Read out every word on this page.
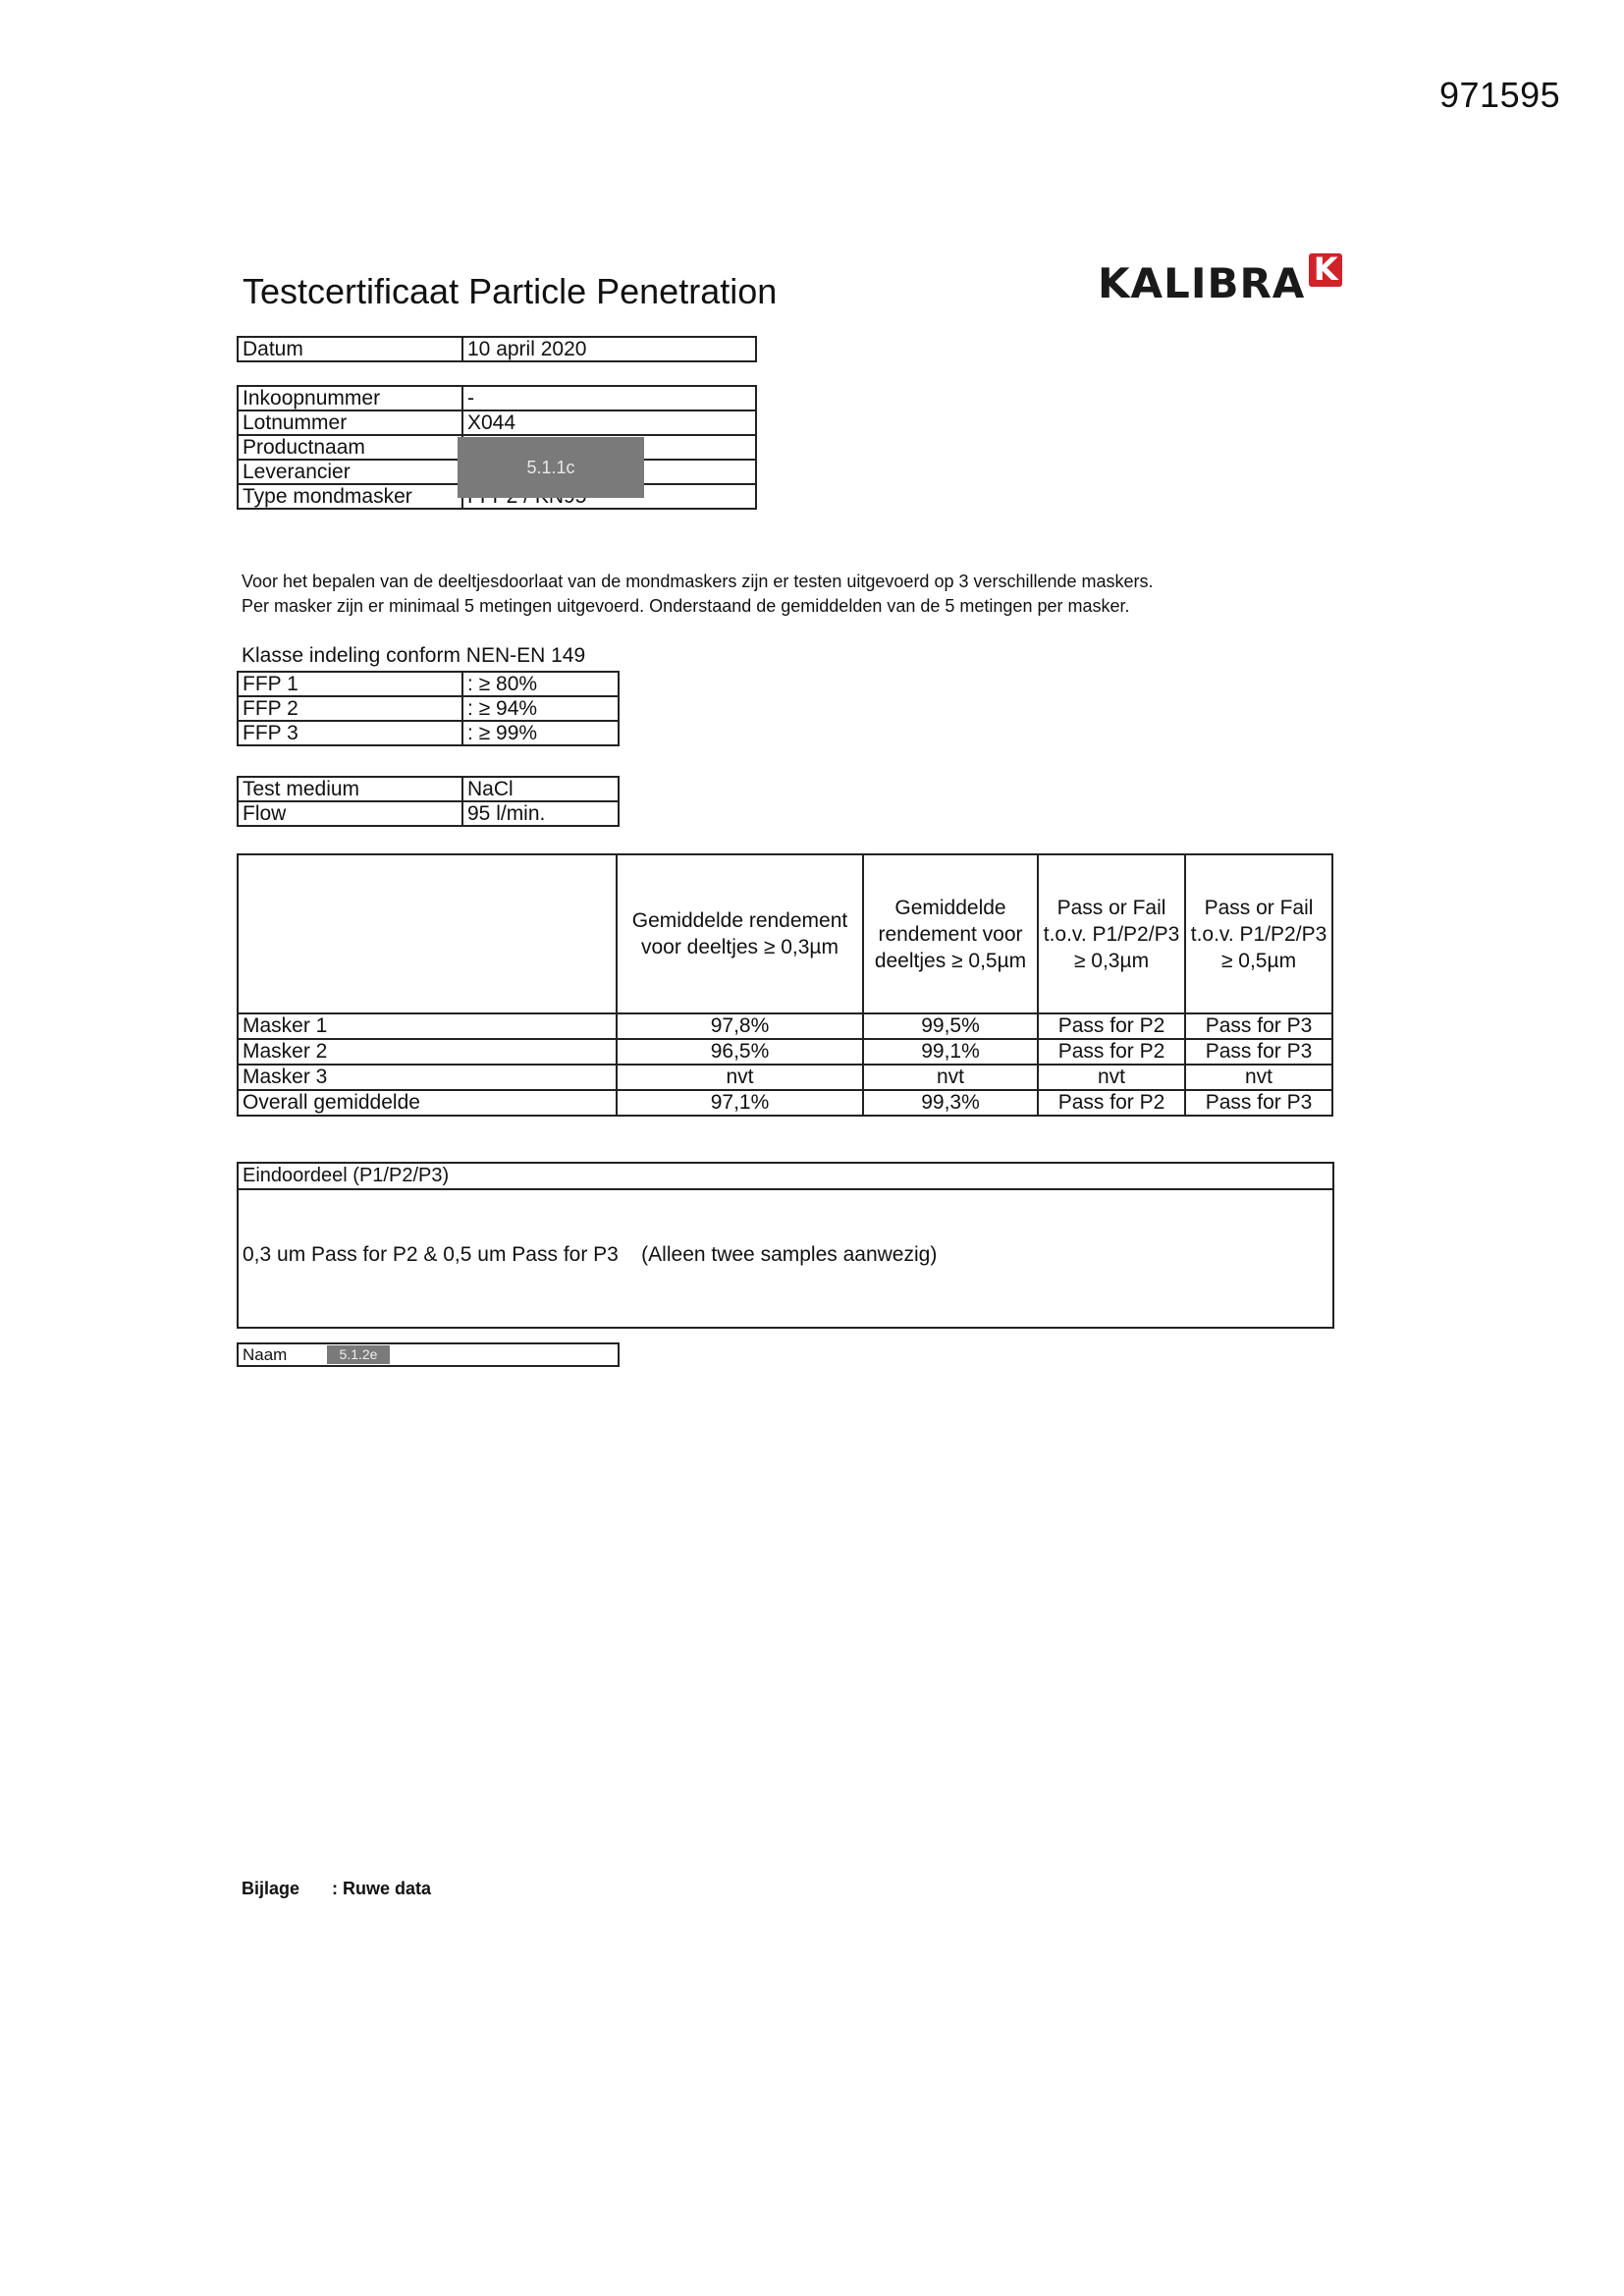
971595
Testcertificaat Particle Penetration	KALIBRA K
Datum	10 april 2020
Inkoopnummer	-
Lotnummer	X044
Productnaam	
Leverancier	
Type mondmasker	
5.1.1c
Voor het bepalen van de deeltjesdoorlaat van de mondmaskers zijn er testen uitgevoerd op 3 verschillende maskers.
Per masker zijn er minimaal 5 metingen uitgevoerd. Onderstaand de gemiddelden van de 5 metingen per masker.
Klasse indeling conform NEN-EN 149
FFP 1	: ≥ 80%
FFP 2	: ≥ 94%
FFP 3	: ≥ 99%
Test medium	NaCl
Flow	95 l/min.
	Gemiddelde rendement voor deeltjes ≥ 0,3µm	Gemiddelde rendement voor deeltjes ≥ 0,5µm	Pass or Fail t.o.v. P1/P2/P3 ≥ 0,3µm	Pass or Fail t.o.v. P1/P2/P3 ≥ 0,5µm
Masker 1	97,8%	99,5%	Pass for P2	Pass for P3
Masker 2	96,5%	99,1%	Pass for P2	Pass for P3
Masker 3	nvt	nvt	nvt	nvt
Overall gemiddelde	97,1%	99,3%	Pass for P2	Pass for P3
Eindoordeel (P1/P2/P3)
0,3 um Pass for P2 & 0,5 um Pass for P3    (Alleen twee samples aanwezig)
Naam	5.1.2e
Bijlage : Ruwe data
